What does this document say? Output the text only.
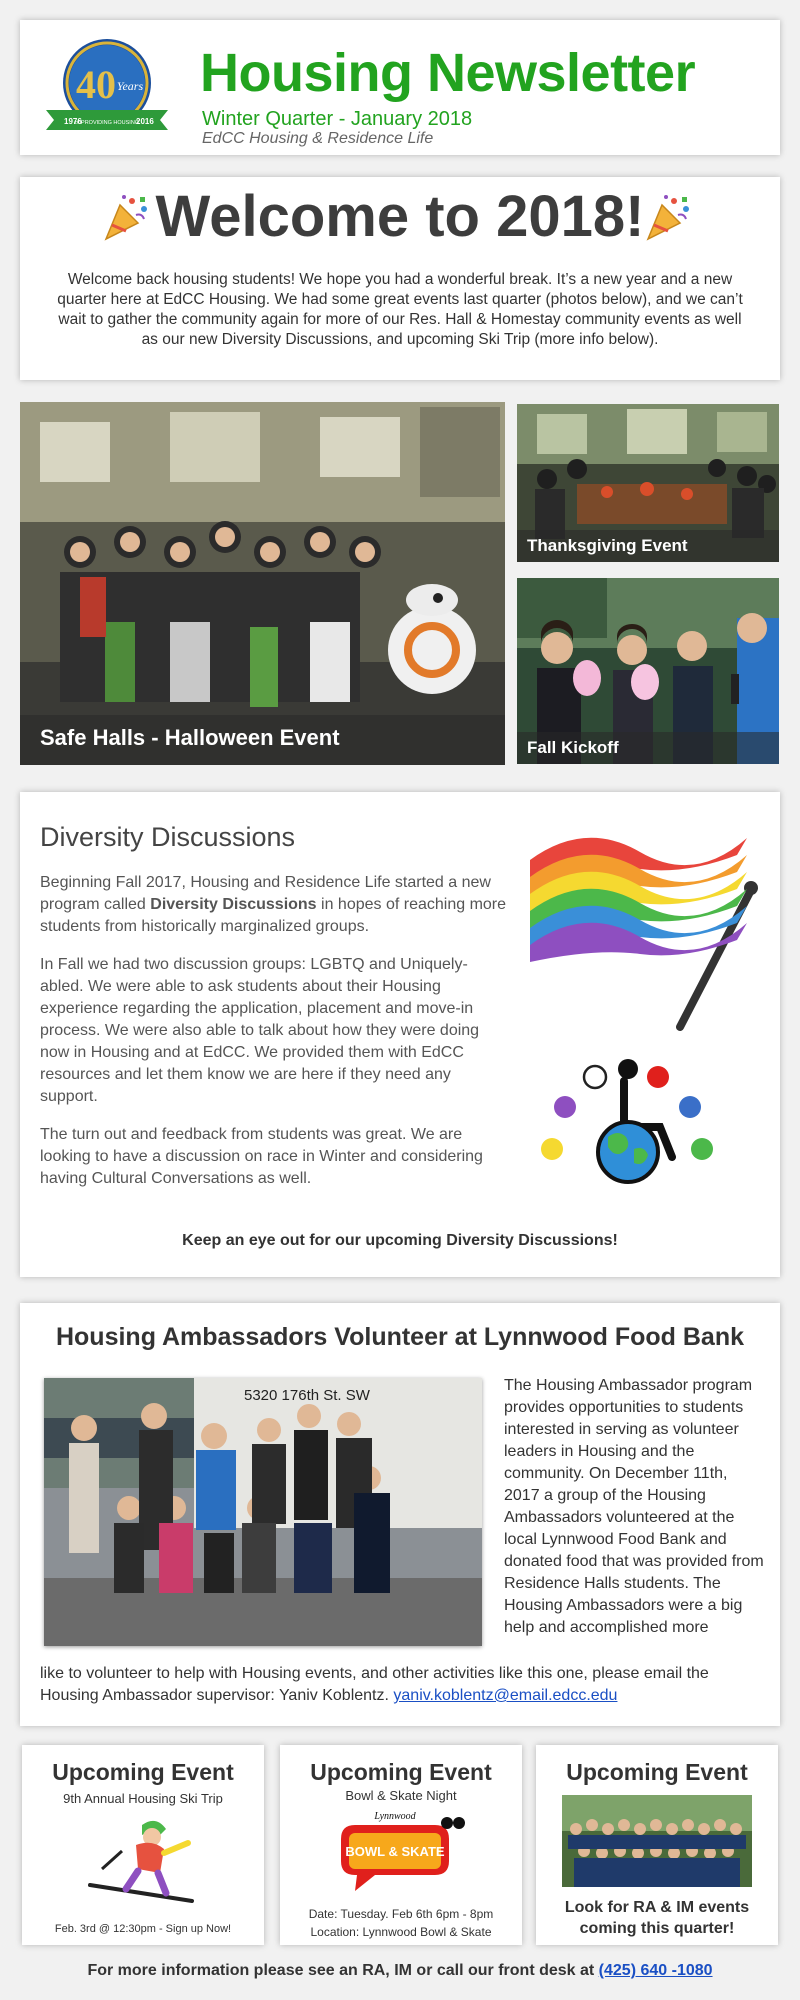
40 Years
1976
of PROVIDING HOUSING
2016
Housing Newsletter
Winter Quarter - January 2018
EdCC Housing & Residence Life
Welcome to 2018!
Welcome back housing students! We hope you had a wonderful break. It’s a new year and a new quarter here at EdCC Housing. We had some great events last quarter (photos below), and we can’t wait to gather the community again for more of our Res. Hall & Homestay community events as well as our new Diversity Discussions, and upcoming Ski Trip (more info below).
Safe Halls - Halloween Event
Thanksgiving Event
Fall Kickoff
Diversity Discussions

Beginning Fall 2017, Housing and Residence Life started a new program called Diversity Discussions in hopes of reaching more students from historically marginalized groups.

In Fall we had two discussion groups: LGBTQ and Uniquely-abled. We were able to ask students about their Housing experience regarding the application, placement and move-in process. We were also able to talk about how they were doing now in Housing and at EdCC. We provided them with EdCC resources and let them know we are here if they need any support.

The turn out and feedback from students was great. We are looking to have a discussion on race in Winter and considering having Cultural Conversations as well.

Keep an eye out for our upcoming Diversity Discussions!
Housing Ambassadors Volunteer at Lynnwood Food Bank
5320 176th St. SW
The Housing Ambassador program provides opportunities to students interested in serving as volunteer leaders in Housing and the community. On December 11th, 2017 a group of the Housing Ambassadors volunteered at the local Lynnwood Food Bank and donated food that was provided from Residence Halls students. The Housing Ambassadors were a big help and accomplished more
like to volunteer to help with Housing events, and other activities like this one, please email the Housing Ambassador supervisor: Yaniv Koblentz. yaniv.koblentz@email.edcc.edu
Upcoming Event
9th Annual Housing Ski Trip
Feb. 3rd @ 12:30pm - Sign up Now!
Upcoming Event
Bowl & Skate Night
Lynnwood
BOWL & SKATE
Date: Tuesday. Feb 6th 6pm - 8pm
Location: Lynnwood Bowl & Skate
Upcoming Event
Look for RA & IM events coming this quarter!
For more information please see an RA, IM or call our front desk at (425) 640 -1080
